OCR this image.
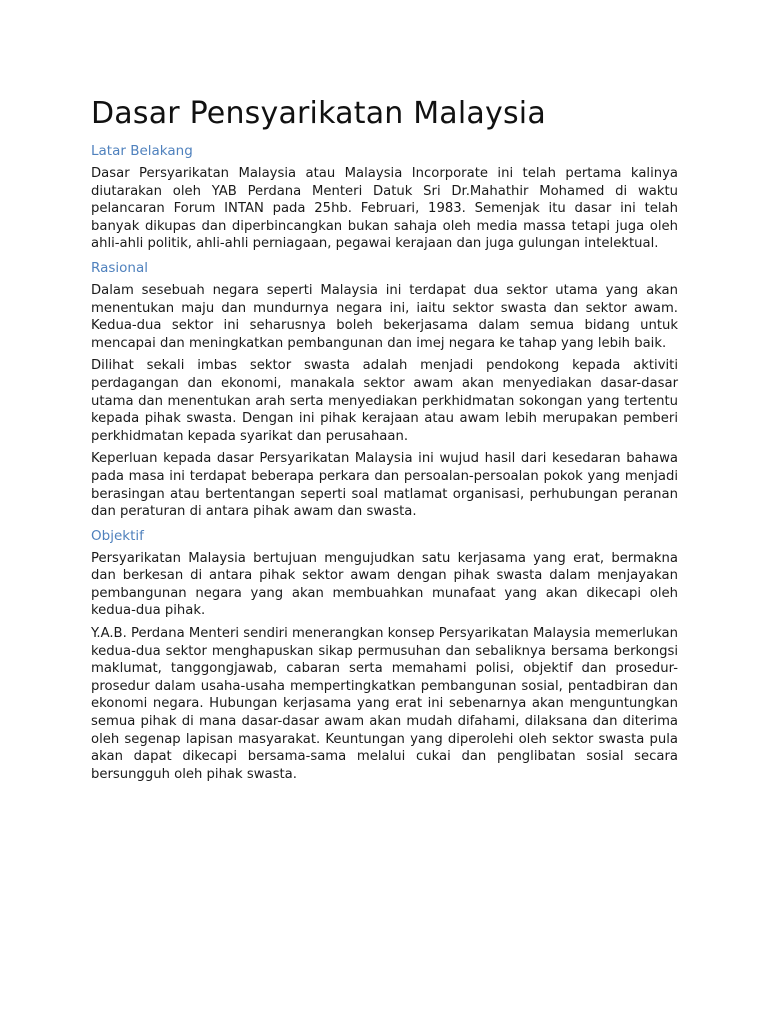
Dasar Pensyarikatan Malaysia
Latar Belakang

Dasar Persyarikatan Malaysia atau Malaysia Incorporate ini telah pertama kalinya diutarakan oleh YAB Perdana Menteri Datuk Sri Dr.Mahathir Mohamed di waktu pelancaran Forum INTAN pada 25hb. Februari, 1983. Semenjak itu dasar ini telah banyak dikupas dan diperbincangkan bukan sahaja oleh media massa tetapi juga oleh ahli-ahli politik, ahli-ahli perniagaan, pegawai kerajaan dan juga gulungan intelektual.

Rasional

Dalam sesebuah negara seperti Malaysia ini terdapat dua sektor utama yang akan menentukan maju dan mundurnya negara ini, iaitu sektor swasta dan sektor awam. Kedua-dua sektor ini seharusnya boleh bekerjasama dalam semua bidang untuk mencapai dan meningkatkan pembangunan dan imej negara ke tahap yang lebih baik.

Dilihat sekali imbas sektor swasta adalah menjadi pendokong kepada aktiviti perdagangan dan ekonomi, manakala sektor awam akan menyediakan dasar-dasar utama dan menentukan arah serta menyediakan perkhidmatan sokongan yang tertentu kepada pihak swasta. Dengan ini pihak kerajaan atau awam lebih merupakan pemberi perkhidmatan kepada syarikat dan perusahaan.

Keperluan kepada dasar Persyarikatan Malaysia ini wujud hasil dari kesedaran bahawa pada masa ini terdapat beberapa perkara dan persoalan-persoalan pokok yang menjadi berasingan atau bertentangan seperti soal matlamat organisasi, perhubungan peranan dan peraturan di antara pihak awam dan swasta.

Objektif

Persyarikatan Malaysia bertujuan mengujudkan satu kerjasama yang erat, bermakna dan berkesan di antara pihak sektor awam dengan pihak swasta dalam menjayakan pembangunan negara yang akan membuahkan munafaat yang akan dikecapi oleh kedua-dua pihak.

Y.A.B. Perdana Menteri sendiri menerangkan konsep Persyarikatan Malaysia memerlukan kedua-dua sektor menghapuskan sikap permusuhan dan sebaliknya bersama berkongsi maklumat, tanggongjawab, cabaran serta memahami polisi, objektif dan prosedur-prosedur dalam usaha-usaha mempertingkatkan pembangunan sosial, pentadbiran dan ekonomi negara. Hubungan kerjasama yang erat ini sebenarnya akan menguntungkan semua pihak di mana dasar-dasar awam akan mudah difahami, dilaksana dan diterima oleh segenap lapisan masyarakat. Keuntungan yang diperolehi oleh sektor swasta pula akan dapat dikecapi bersama-sama melalui cukai dan penglibatan sosial secara bersungguh oleh pihak swasta.
